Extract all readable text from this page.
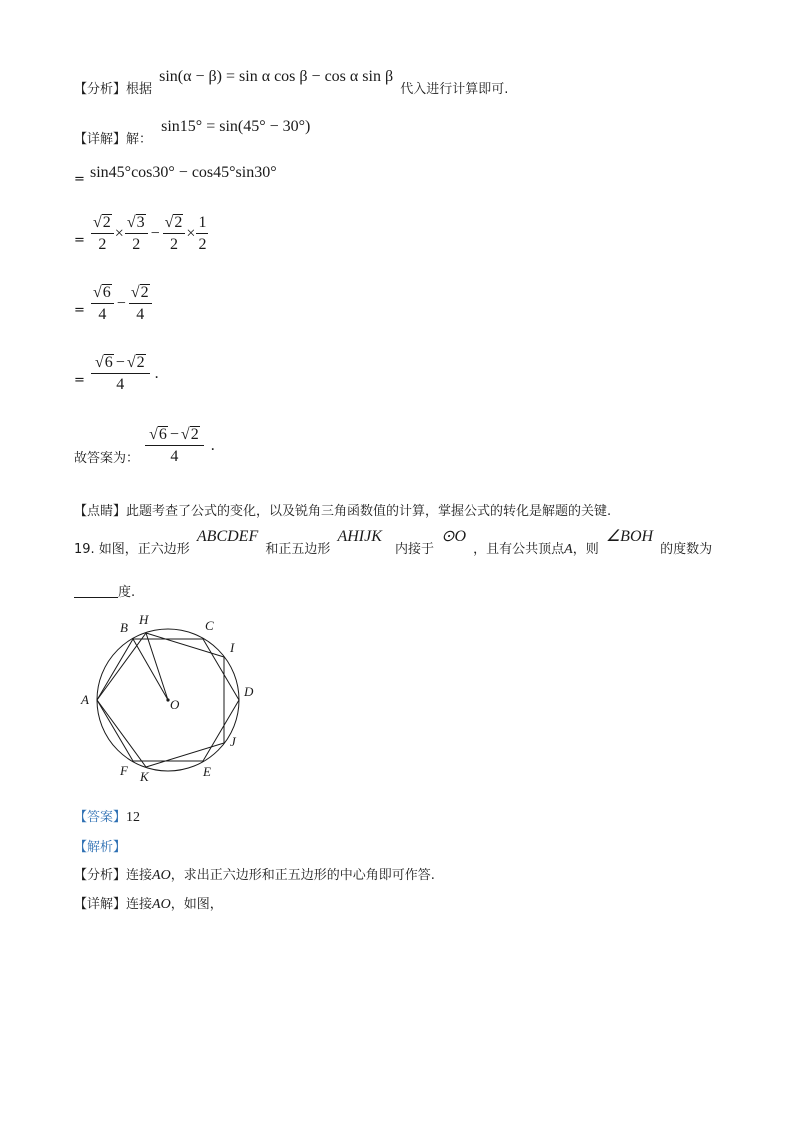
$_{【分析】根据}$ sin(α − β) = sin α cos β − cos α sin β $_{代入进行计算即可.}$
$_{【详解】解:}$ sin15° = sin(45° − 30°)
$_=$ sin45°cos30° − cos45°sin30°
$_= \frac{√ 2}{2} \times \frac{√ 3}{2} - \frac{√ 2}{2} \times \frac{1}{2}$
$_= \frac{√ 6}{4} - \frac{√ 2}{4}$
$_= \frac{√ 6 - √ 2}{4}$ .
$_{故答案为:} \frac{√ 6 - √ 2}{4}$ .
【点睛】此题考查了公式的变化，以及锐角三角函数值的计算，掌握公式的转化是解题的关键.
$_{19. 如图,正六边形}$ ABCDEF $_{和正五边形}$ AHIJK $_{内接于}$ ⊙O $_{,且有公共顶点}A_{,则}$ ∠BOH $_{的度数为}$
度.
A
B
H	C
I
D
J
E
K
F
O
【答案】12
【解析】
【分析】连接AO，求出正六边形和正五边形的中心角即可作答.
【详解】连接AO，如图，
